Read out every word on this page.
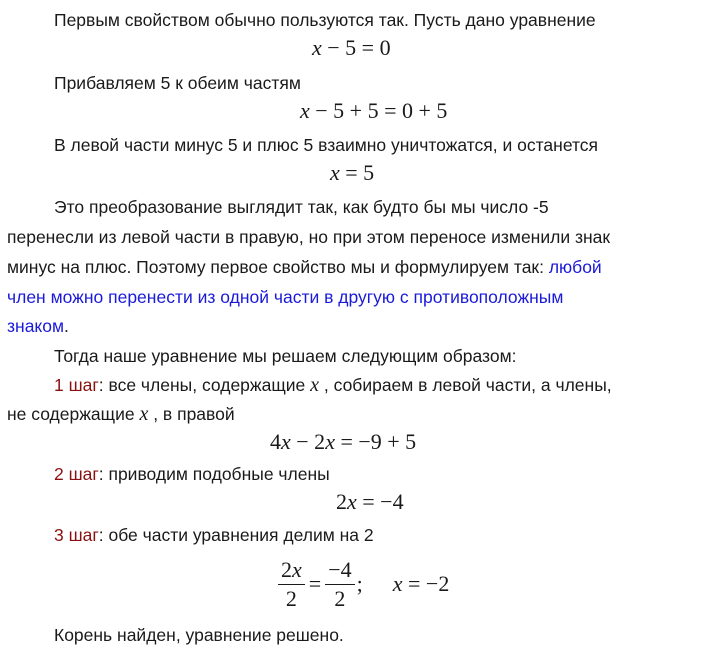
Первым свойством обычно пользуются так. Пусть дано уравнение
x − 5 = 0
Прибавляем 5 к обеим частям
x − 5 + 5 = 0 + 5
В левой части минус 5 и плюс 5 взаимно уничтожатся, и останется
x = 5
Это преобразование выглядит так, как будто бы мы число -5
перенесли из левой части в правую, но при этом переносе изменили знак
минус на плюс. Поэтому первое свойство мы и формулируем так: любой
член можно перенести из одной части в другую с противоположным
знаком.
Тогда наше уравнение мы решаем следующим образом:
1 шаг: все члены, содержащие x , собираем в левой части, а члены,
не содержащие x , в правой
4x − 2x = −9 + 5
2 шаг: приводим подобные члены
2x = −4
3 шаг: обе части уравнения делим на 2
$\frac{2x}{2} = \frac{-4}{2}$ ; x = −2
Корень найден, уравнение решено.
